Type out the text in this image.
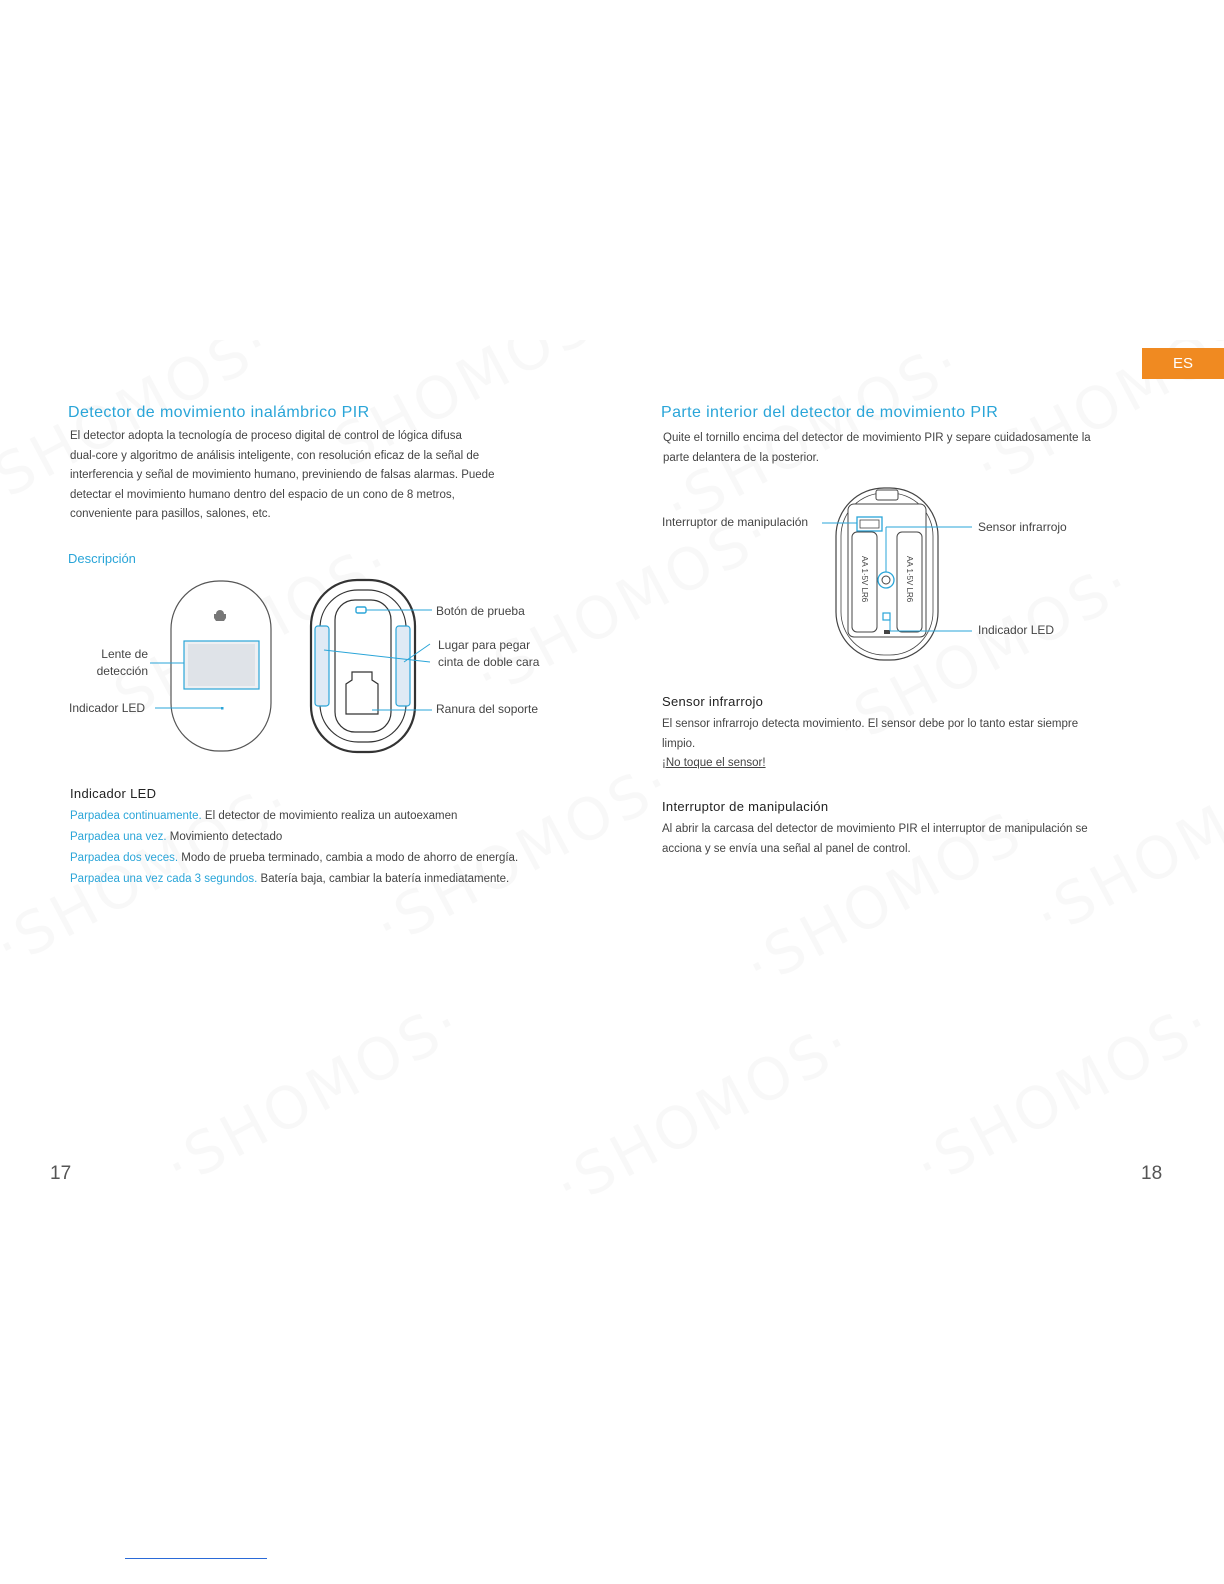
ES
Detector de movimiento inalámbrico PIR
El detector adopta la tecnología de proceso digital de control de lógica difusa
dual-core y algoritmo de análisis inteligente, con resolución eficaz de la señal de
interferencia y señal de movimiento humano, previniendo de falsas alarmas. Puede
detectar el movimiento humano dentro del espacio de un cono de 8 metros,
conveniente para pasillos, salones, etc.
Descripción
Lente de
detección
Indicador LED
Botón de prueba
Lugar para pegar
cinta de doble cara
Ranura del soporte
Indicador LED
Parpadea continuamente. El detector de movimiento realiza un autoexamen
Parpadea una vez. Movimiento detectado
Parpadea dos veces. Modo de prueba terminado, cambia a modo de ahorro de energía.
Parpadea una vez cada 3 segundos. Batería baja, cambiar la batería inmediatamente.
17
Parte interior del detector de movimiento PIR
Quite el tornillo encima del detector de movimiento PIR y separe cuidadosamente la
parte delantera de la posterior.
AA 1·5V LR6	AA 1·5V LR6
Interruptor de manipulación	Sensor infrarrojo
Indicador LED
Sensor infrarrojo
El sensor infrarrojo detecta movimiento. El sensor debe por lo tanto estar siempre
limpio.
¡No toque el sensor!
Interruptor de manipulación
Al abrir la carcasa del detector de movimiento PIR el interruptor de manipulación se
acciona y se envía una señal al panel de control.
18
